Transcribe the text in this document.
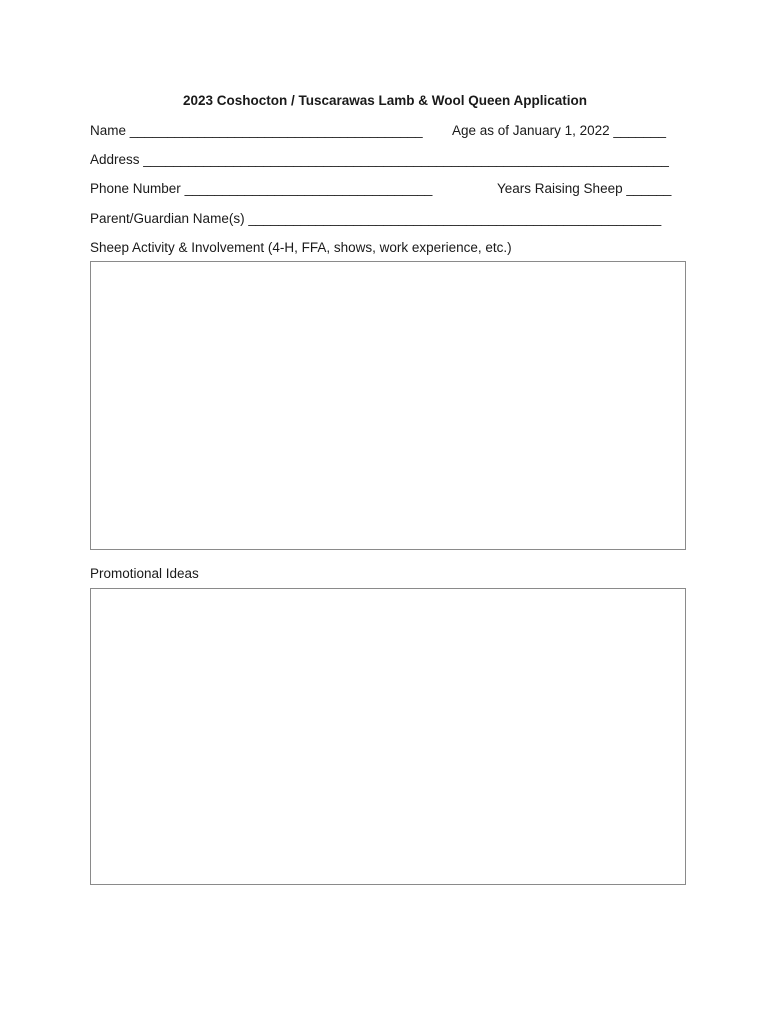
2023 Coshocton / Tuscarawas Lamb & Wool Queen Application
Name _______________________________________ Age as of January 1, 2022 _______
Address ______________________________________________________________________
Phone Number _________________________________	Years Raising Sheep ______
Parent/Guardian Name(s) _______________________________________________________
Sheep Activity & Involvement (4-H, FFA, shows, work experience, etc.)
Promotional Ideas
